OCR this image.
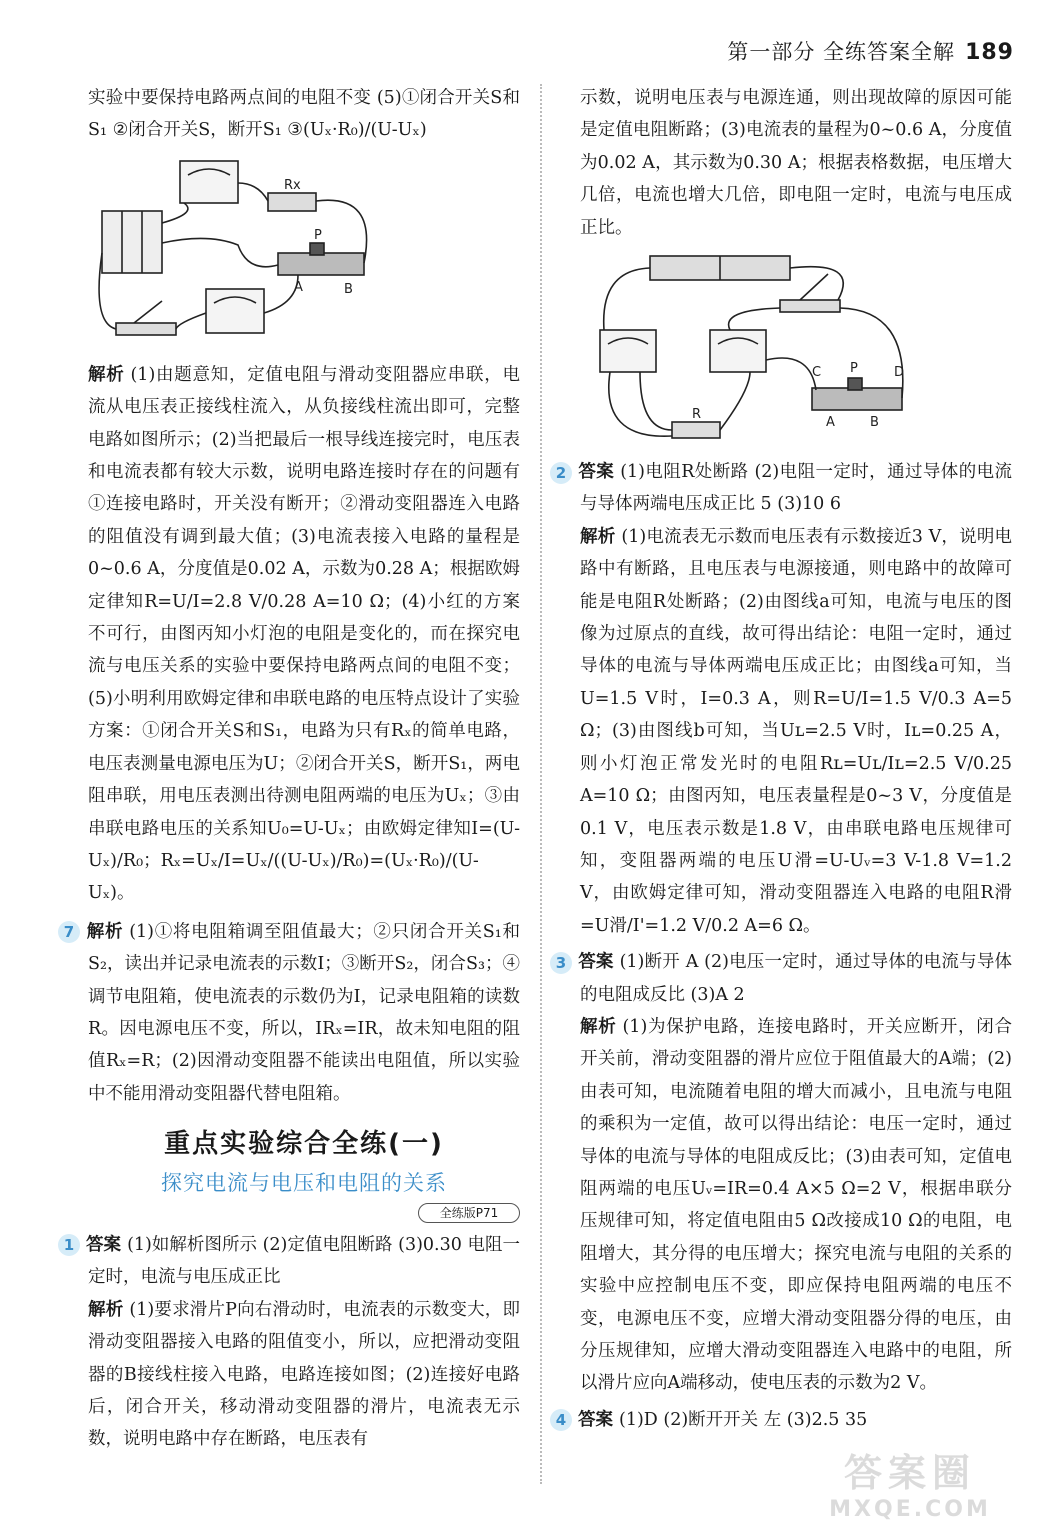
第一部分 全练答案全解 189

实验中要保持电路两点间的电阻不变 (5)①闭合开关S和S₁ ②闭合开关S，断开S₁ ③(Uₓ·R₀)/(U-Uₓ)

Rx
P
A	B

解析 (1)由题意知，定值电阻与滑动变阻器应串联，电流从电压表正接线柱流入，从负接线柱流出即可，完整电路如图所示；(2)当把最后一根导线连接完时，电压表和电流表都有较大示数，说明电路连接时存在的问题有①连接电路时，开关没有断开；②滑动变阻器连入电路的阻值没有调到最大值；(3)电流表接入电路的量程是0~0.6 A，分度值是0.02 A，示数为0.28 A；根据欧姆定律知R=U/I=2.8 V/0.28 A=10 Ω；(4)小红的方案不可行，由图丙知小灯泡的电阻是变化的，而在探究电流与电压关系的实验中要保持电路两点间的电阻不变；(5)小明利用欧姆定律和串联电路的电压特点设计了实验方案：①闭合开关S和S₁，电路为只有Rₓ的简单电路，电压表测量电源电压为U；②闭合开关S，断开S₁，两电阻串联，用电压表测出待测电阻两端的电压为Uₓ；③由串联电路电压的关系知U₀=U-Uₓ；由欧姆定律知I=(U-Uₓ)/R₀；Rₓ=Uₓ/I=Uₓ/((U-Uₓ)/R₀)=(Uₓ·R₀)/(U-Uₓ)。

7 解析 (1)①将电阻箱调至阻值最大；②只闭合开关S₁和S₂，读出并记录电流表的示数I；③断开S₂，闭合S₃；④调节电阻箱，使电流表的示数仍为I，记录电阻箱的读数R。因电源电压不变，所以，IRₓ=IR，故未知电阻的阻值Rₓ=R；(2)因滑动变阻器不能读出电阻值，所以实验中不能用滑动变阻器代替电阻箱。

重点实验综合全练(一)
探究电流与电压和电阻的关系
全练版P71

1 答案 (1)如解析图所示 (2)定值电阻断路 (3)0.30 电阻一定时，电流与电压成正比

解析 (1)要求滑片P向右滑动时，电流表的示数变大，即滑动变阻器接入电路的阻值变小，所以，应把滑动变阻器的B接线柱接入电路，电路连接如图；(2)连接好电路后，闭合开关，移动滑动变阻器的滑片，电流表无示数，说明电路中存在断路，电压表有

示数，说明电压表与电源连通，则出现故障的原因可能是定值电阻断路；(3)电流表的量程为0~0.6 A，分度值为0.02 A，其示数为0.30 A；根据表格数据，电压增大几倍，电流也增大几倍，即电阻一定时，电流与电压成正比。

C P	D
A	B
R

2 答案 (1)电阻R处断路 (2)电阻一定时，通过导体的电流与导体两端电压成正比 5 (3)10 6

解析 (1)电流表无示数而电压表有示数接近3 V，说明电路中有断路，且电压表与电源接通，则电路中的故障可能是电阻R处断路；(2)由图线a可知，电流与电压的图像为过原点的直线，故可得出结论：电阻一定时，通过导体的电流与导体两端电压成正比；由图线a可知，当U=1.5 V时，I=0.3 A，则R=U/I=1.5 V/0.3 A=5 Ω；(3)由图线b可知，当Uʟ=2.5 V时，Iʟ=0.25 A，则小灯泡正常发光时的电阻Rʟ=Uʟ/Iʟ=2.5 V/0.25 A=10 Ω；由图丙知，电压表量程是0~3 V，分度值是0.1 V，电压表示数是1.8 V，由串联电路电压规律可知，变阻器两端的电压U滑=U-Uᵥ=3 V-1.8 V=1.2 V，由欧姆定律可知，滑动变阻器连入电路的电阻R滑=U滑/I'=1.2 V/0.2 A=6 Ω。

3 答案 (1)断开 A (2)电压一定时，通过导体的电流与导体的电阻成反比 (3)A 2

解析 (1)为保护电路，连接电路时，开关应断开，闭合开关前，滑动变阻器的滑片应位于阻值最大的A端；(2)由表可知，电流随着电阻的增大而减小，且电流与电阻的乘积为一定值，故可以得出结论：电压一定时，通过导体的电流与导体的电阻成反比；(3)由表可知，定值电阻两端的电压Uᵥ=IR=0.4 A×5 Ω=2 V，根据串联分压规律可知，将定值电阻由5 Ω改接成10 Ω的电阻，电阻增大，其分得的电压增大；探究电流与电阻的关系的实验中应控制电压不变，即应保持电阻两端的电压不变，电源电压不变，应增大滑动变阻器分得的电压，由分压规律知，应增大滑动变阻器连入电路中的电阻，所以滑片应向A端移动，使电压表的示数为2 V。

4 答案 (1)D (2)断开开关 左 (3)2.5 35

答案圈
MXQE.COM
